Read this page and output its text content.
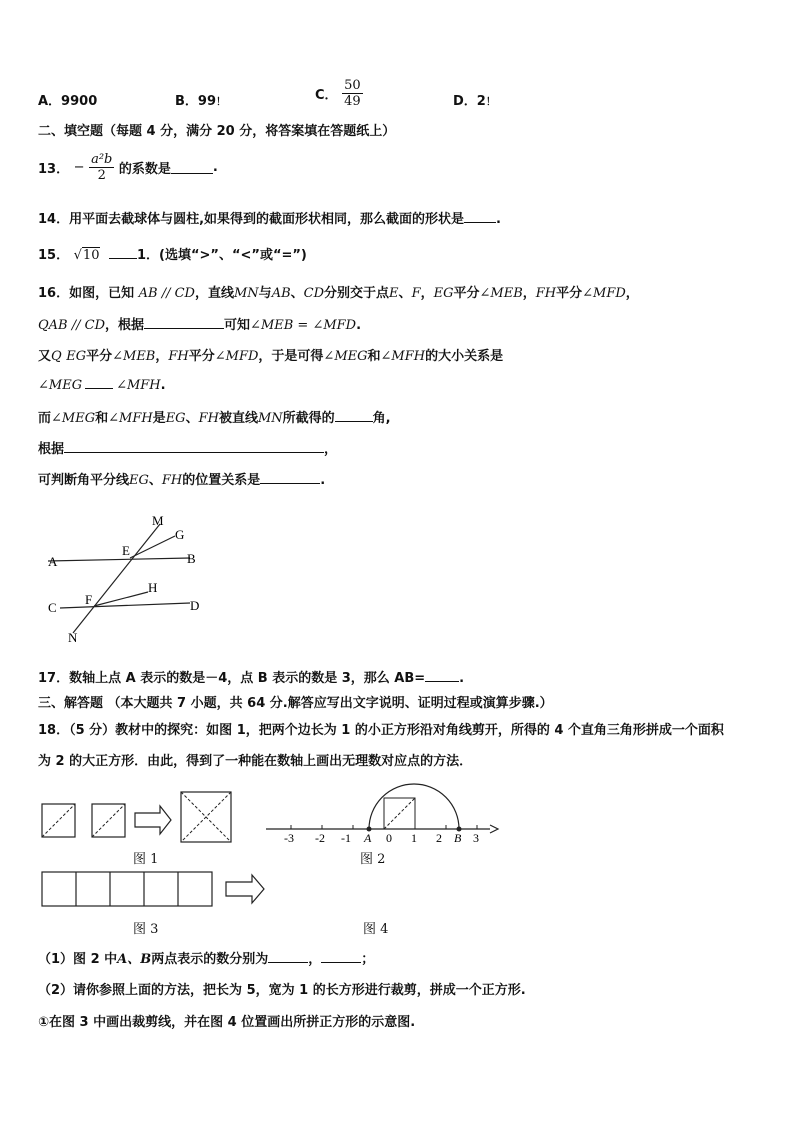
A．9900	B．99！	C． $\frac{50}{49}$	D．2！
二、填空题（每题 4 分，满分 20 分，将答案填在答题纸上）
13． − $\frac{\text{a²b}}{2}$ 的系数是	.
14．用平面去截球体与圆柱,如果得到的截面形状相同，那么截面的形状是 .
15． √10	1．(选填“>”、“<”或“=”)
16．如图，已知 AB // CD，直线MN与AB、CD分别交于点E、F，EG平分∠MEB，FH平分∠MFD，
QAB // CD，根据	可知∠MEB = ∠MFD.
又Q EG平分∠MEB，FH平分∠MFD，于是可得∠MEG和∠MFH的大小关系是
∠MEG	∠MFH.
而∠MEG和∠MFH是EG、FH被直线MN所截得的	角,
根据	，
可判断角平分线EG、FH的位置关系是	.
M
G
A
E
B
H
C
F	D
N
17．数轴上点 A 表示的数是－4，点 B 表示的数是 3，那么 AB=	.
三、解答题 （本大题共 7 小题，共 64 分.解答应写出文字说明、证明过程或演算步骤.）
18．（5 分）教材中的探究：如图 1，把两个边长为 1 的小正方形沿对角线剪开，所得的 4 个直角三角形拼成一个面积
为 2 的大正方形．由此，得到了一种能在数轴上画出无理数对应点的方法．
图 1
-3 -2 -1	0 1 2	3
A	B
图 2
图 3	图 4
（1）图 2 中A、B两点表示的数分别为	，	；
（2）请你参照上面的方法，把长为 5，宽为 1 的长方形进行裁剪，拼成一个正方形.
①在图 3 中画出裁剪线，并在图 4 位置画出所拼正方形的示意图.
